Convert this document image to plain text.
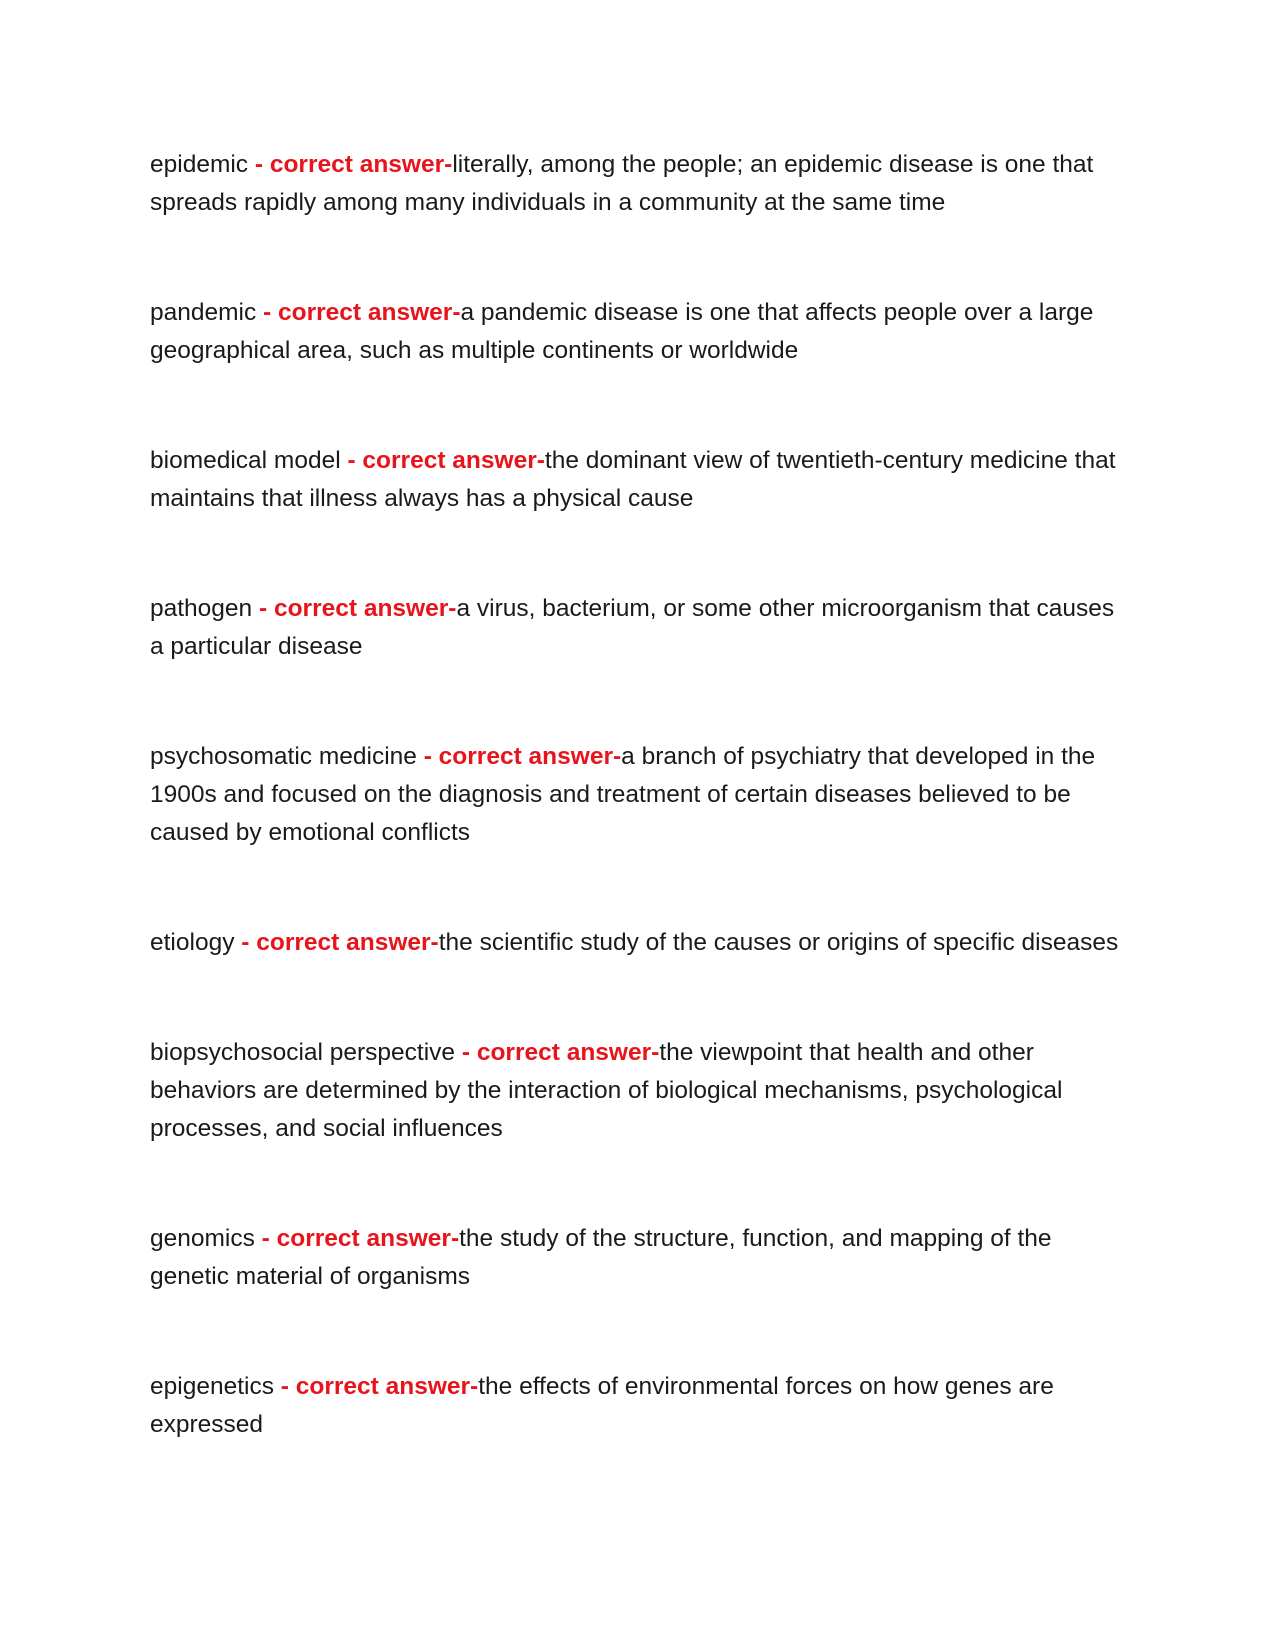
epidemic - correct answer-literally, among the people; an epidemic disease is one that spreads rapidly among many individuals in a community at the same time

pandemic - correct answer-a pandemic disease is one that affects people over a large geographical area, such as multiple continents or worldwide

biomedical model - correct answer-the dominant view of twentieth-century medicine that maintains that illness always has a physical cause

pathogen - correct answer-a virus, bacterium, or some other microorganism that causes a particular disease

psychosomatic medicine - correct answer-a branch of psychiatry that developed in the 1900s and focused on the diagnosis and treatment of certain diseases believed to be caused by emotional conflicts

etiology - correct answer-the scientific study of the causes or origins of specific diseases

biopsychosocial perspective - correct answer-the viewpoint that health and other behaviors are determined by the interaction of biological mechanisms, psychological processes, and social influences

genomics - correct answer-the study of the structure, function, and mapping of the genetic material of organisms

epigenetics - correct answer-the effects of environmental forces on how genes are expressed
